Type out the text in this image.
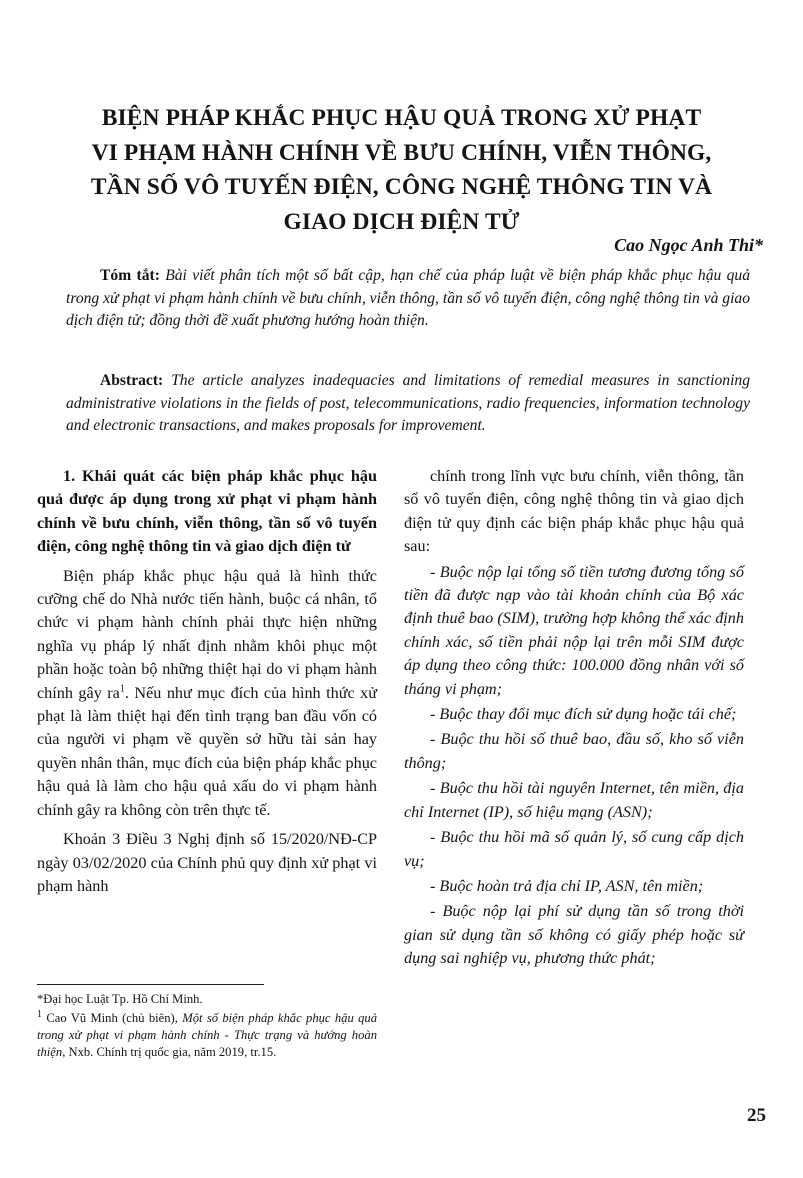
BIỆN PHÁP KHẮC PHỤC HẬU QUẢ TRONG XỬ PHẠT
VI PHẠM HÀNH CHÍNH VỀ BƯU CHÍNH, VIỄN THÔNG,
TẦN SỐ VÔ TUYẾN ĐIỆN, CÔNG NGHỆ THÔNG TIN VÀ
GIAO DỊCH ĐIỆN TỬ
Cao Ngọc Anh Thi*

Tóm tắt: Bài viết phân tích một số bất cập, hạn chế của pháp luật về biện pháp khắc phục hậu quả trong xử phạt vi phạm hành chính về bưu chính, viễn thông, tần số vô tuyến điện, công nghệ thông tin và giao dịch điện tử; đồng thời đề xuất phương hướng hoàn thiện.

Abstract: The article analyzes inadequacies and limitations of remedial measures in sanctioning administrative violations in the fields of post, telecommunications, radio frequencies, information technology and electronic transactions, and makes proposals for improvement.

1. Khái quát các biện pháp khắc phục hậu quả được áp dụng trong xử phạt vi phạm hành chính về bưu chính, viễn thông, tần số vô tuyến điện, công nghệ thông tin và giao dịch điện tử

Biện pháp khắc phục hậu quả là hình thức cưỡng chế do Nhà nước tiến hành, buộc cá nhân, tổ chức vi phạm hành chính phải thực hiện những nghĩa vụ pháp lý nhất định nhằm khôi phục một phần hoặc toàn bộ những thiệt hại do vi phạm hành chính gây $ra^1$. Nếu như mục đích của hình thức xử phạt là làm thiệt hại đến tình trạng ban đầu vốn có của người vi phạm về quyền sở hữu tài sản hay quyền nhân thân, mục đích của biện pháp khắc phục hậu quả là làm cho hậu quả xấu do vi phạm hành chính gây ra không còn trên thực tế.

Khoản 3 Điều 3 Nghị định số 15/2020/NĐ-CP ngày 03/02/2020 của Chính phủ quy định xử phạt vi phạm hành

chính trong lĩnh vực bưu chính, viễn thông, tần số vô tuyến điện, công nghệ thông tin và giao dịch điện tử quy định các biện pháp khắc phục hậu quả sau:

- Buộc nộp lại tổng số tiền tương đương tổng số tiền đã được nạp vào tài khoản chính của Bộ xác định thuê bao (SIM), trường hợp không thể xác định chính xác, số tiền phải nộp lại trên mỗi SIM được áp dụng theo công thức: 100.000 đồng nhân với số tháng vi phạm;

- Buộc thay đổi mục đích sử dụng hoặc tái chế;

- Buộc thu hồi số thuê bao, đầu số, kho số viễn thông;

- Buộc thu hồi tài nguyên Internet, tên miền, địa chỉ Internet (IP), số hiệu mạng (ASN);

- Buộc thu hồi mã số quản lý, số cung cấp dịch vụ;

- Buộc hoàn trả địa chỉ IP, ASN, tên miền;

- Buộc nộp lại phí sử dụng tần số trong thời gian sử dụng tần số không có giấy phép hoặc sử dụng sai nghiệp vụ, phương thức phát;

*Đại học Luật Tp. Hồ Chí Minh.
$^1$ Cao Vũ Minh (chủ biên), Một số biện pháp khắc phục hậu quả trong xử phạt vi phạm hành chính - Thực trạng và hướng hoàn thiện, Nxb. Chính trị quốc gia, năm 2019, tr.15.
25
